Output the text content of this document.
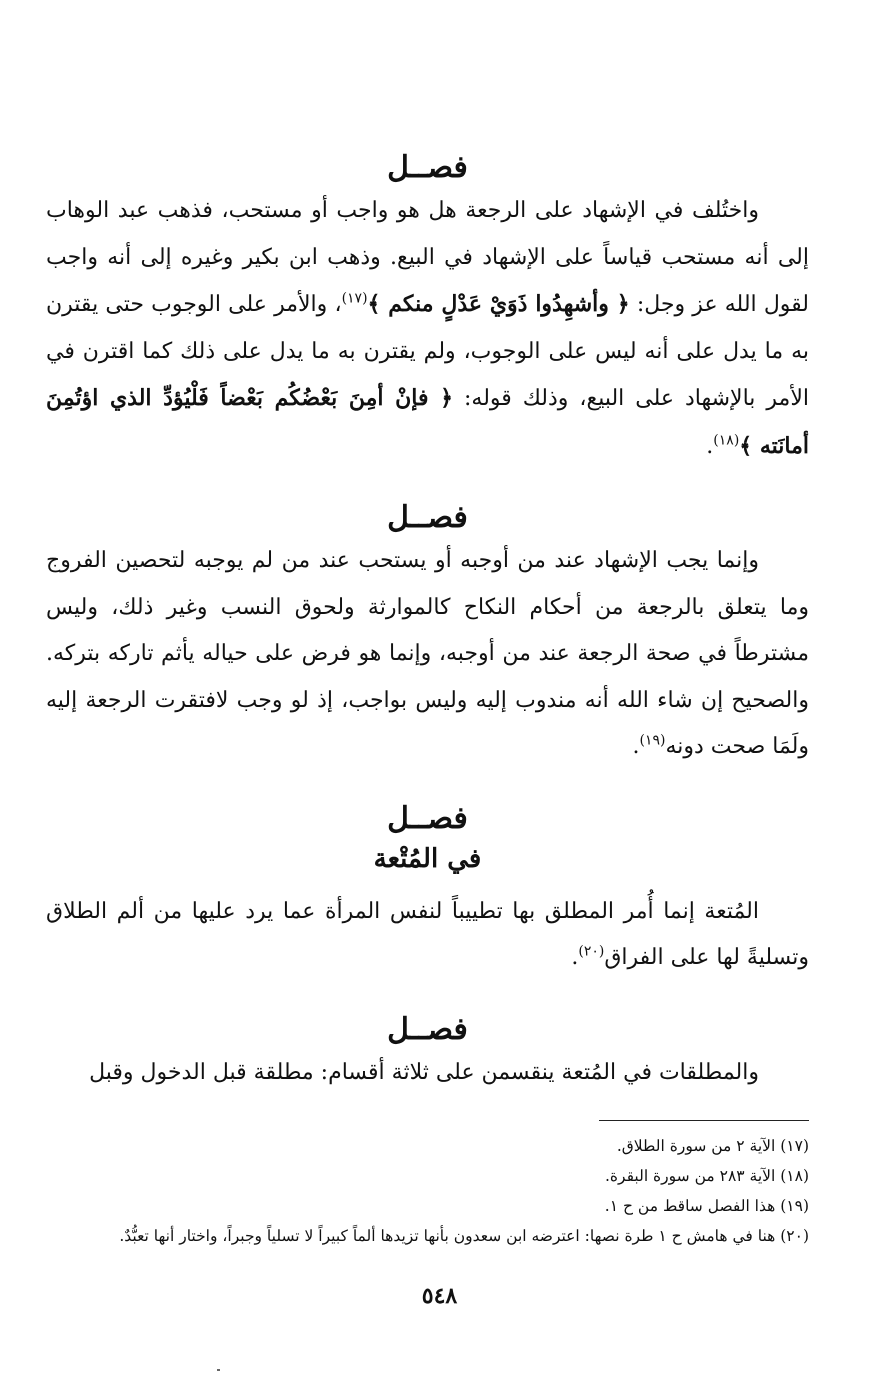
فصــل

واختُلف في الإشهاد على الرجعة هل هو واجب أو مستحب، فذهب عبد الوهاب إلى أنه مستحب قياساً على الإشهاد في البيع. وذهب ابن بكير وغيره إلى أنه واجب لقول الله عز وجل: ﴿ وأشهِدُوا ذَوَيْ عَدْلٍ منكم ﴾$^{(١٧)}$، والأمر على الوجوب حتى يقترن به ما يدل على أنه ليس على الوجوب، ولم يقترن به ما يدل على ذلك كما اقترن في الأمر بالإشهاد على البيع، وذلك قوله: ﴿ فإنْ أمِنَ بَعْضُكُم بَعْضاً فَلْيُؤدِّ الذي اؤتُمِنَ أمانَته ﴾$^{(١٨)}$.

فصــل

وإنما يجب الإشهاد عند من أوجبه أو يستحب عند من لم يوجبه لتحصين الفروج وما يتعلق بالرجعة من أحكام النكاح كالموارثة ولحوق النسب وغير ذلك، وليس مشترطاً في صحة الرجعة عند من أوجبه، وإنما هو فرض على حياله يأثم تاركه بتركه. والصحيح إن شاء الله أنه مندوب إليه وليس بواجب، إذ لو وجب لافتقرت الرجعة إليه ولَمَا صحت دونه$^{(١٩)}$.

فصــل
في المُتْعة

المُتعة إنما أُمر المطلق بها تطييباً لنفس المرأة عما يرد عليها من ألم الطلاق وتسليةً لها على الفراق$^{(٢٠)}$.

فصــل

والمطلقات في المُتعة ينقسمن على ثلاثة أقسام: مطلقة قبل الدخول وقبل

(١٧) الآية ٢ من سورة الطلاق.

(١٨) الآية ٢٨٣ من سورة البقرة.

(١٩) هذا الفصل ساقط من ح ١.

(٢٠) هنا في هامش ح ١ طرة نصها: اعترضه ابن سعدون بأنها تزيدها ألماً كبيراً لا تسلياً وجبراً، واختار أنها تعبُّدٌ.

٥٤٨
